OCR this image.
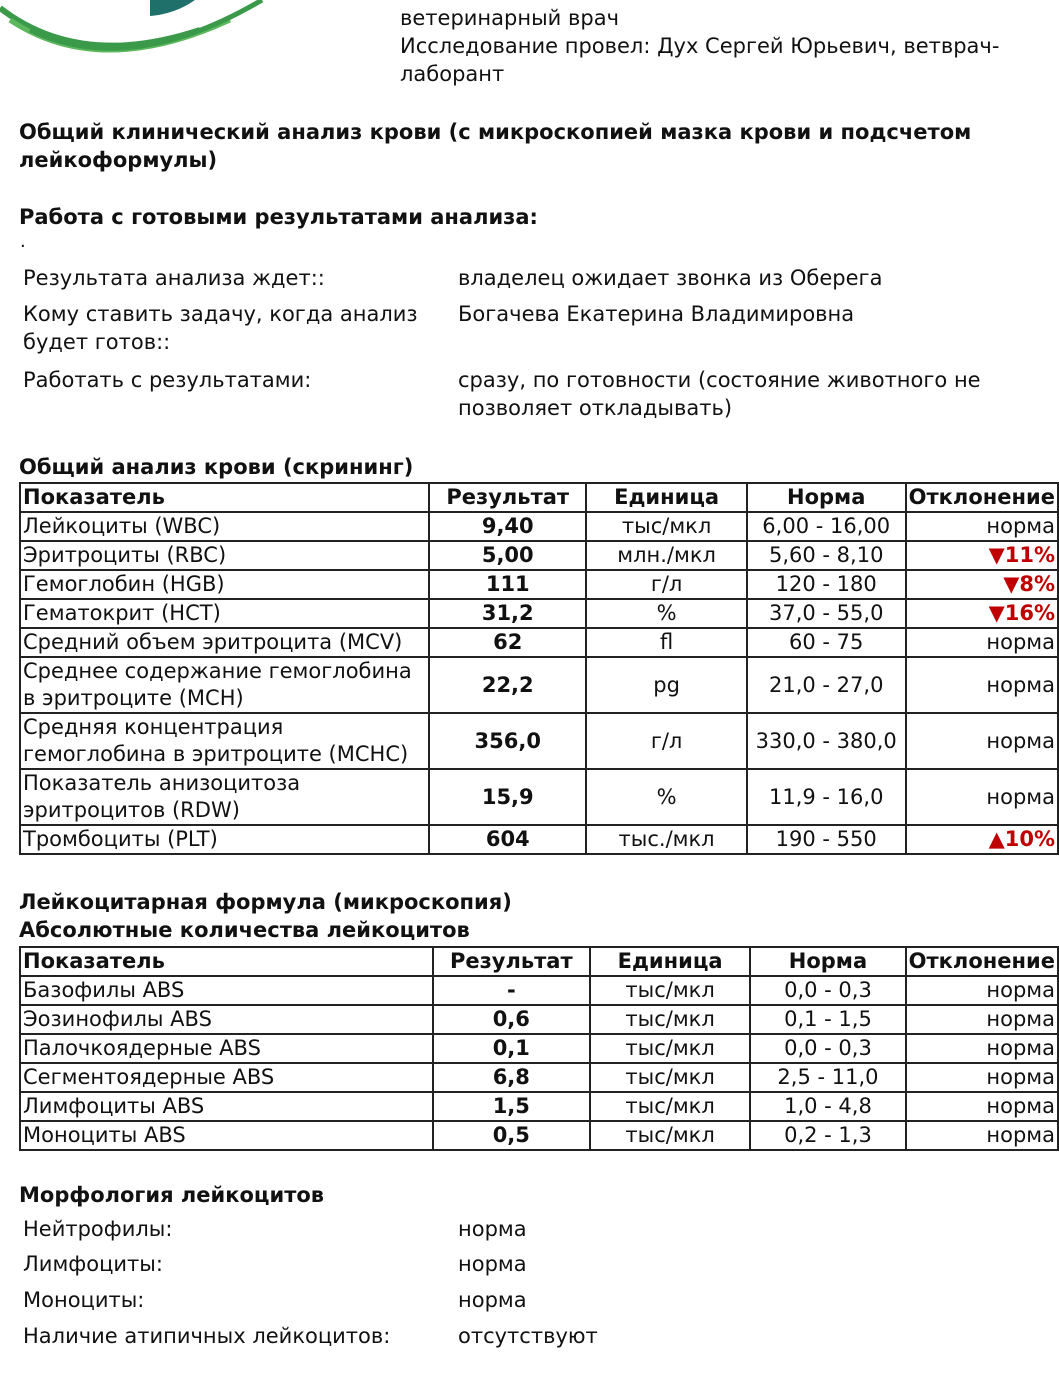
ветеринарный врач
Исследование провел: Дух Сергей Юрьевич, ветврач-
лаборант
Общий клинический анализ крови (с микроскопией мазка крови и подсчетом
лейкоформулы)
Работа с готовыми результатами анализа:
.
Результата анализа ждет::	владелец ожидает звонка из Оберега
Кому ставить задачу, когда анализ будет готов::
Богачева Екатерина Владимировна
Работать с результатами:	сразу, по готовности (состояние животного не позволяет откладывать)
Общий анализ крови (скрининг)
Показатель	Результат	Единица	Норма	Отклонение
Лейкоциты (WBC)	9,40	тыс/мкл	6,00 - 16,00	норма
Эритроциты (RBC)	5,00	млн./мкл	5,60 - 8,10	▼11%
Гемоглобин (HGB)	111	г/л	120 - 180	▼8%
Гематокрит (HCT)	31,2	%	37,0 - 55,0	▼16%
Средний объем эритроцита (MCV)	62	fl	60 - 75	норма
Среднее содержание гемоглобина в эритроците (MCH)	22,2	pg	21,0 - 27,0	норма
Средняя концентрация гемоглобина в эритроците (MCHC)	356,0	г/л	330,0 - 380,0	норма
Показатель анизоцитоза эритроцитов (RDW)	15,9	%	11,9 - 16,0	норма
Тромбоциты (PLT)	604	тыс./мкл	190 - 550	▲10%
Лейкоцитарная формула (микроскопия)
Абсолютные количества лейкоцитов
Показатель	Результат	Единица	Норма	Отклонение
Базофилы ABS	-	тыс/мкл	0,0 - 0,3	норма
Эозинофилы ABS	0,6	тыс/мкл	0,1 - 1,5	норма
Палочкоядерные ABS	0,1	тыс/мкл	0,0 - 0,3	норма
Сегментоядерные ABS	6,8	тыс/мкл	2,5 - 11,0	норма
Лимфоциты ABS	1,5	тыс/мкл	1,0 - 4,8	норма
Моноциты ABS	0,5	тыс/мкл	0,2 - 1,3	норма
Морфология лейкоцитов
Нейтрофилы:	норма
Лимфоциты:	норма
Моноциты:	норма
Наличие атипичных лейкоцитов:	отсутствуют
